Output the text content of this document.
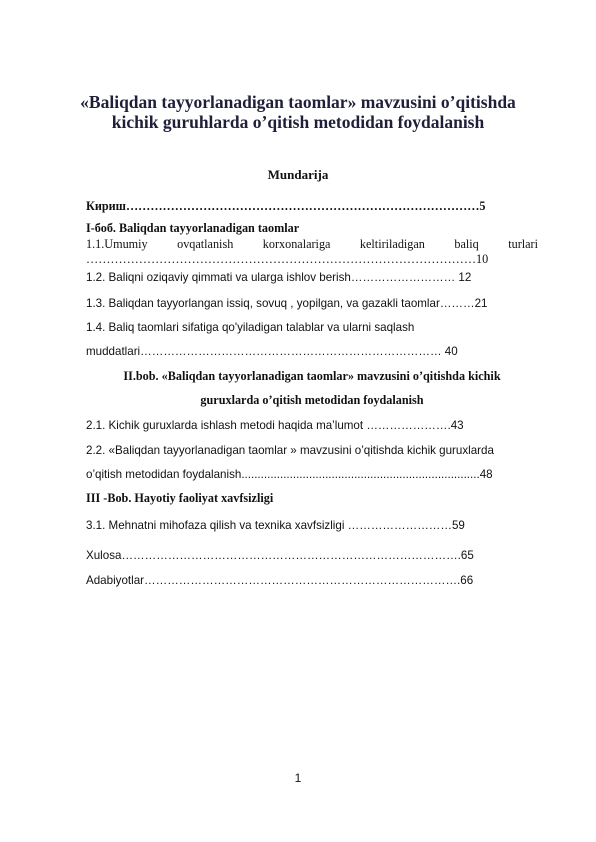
«Baliqdan tayyorlanadigan taomlar» mavzusini o’qitishda
kichik guruhlarda o’qitish metodidan foydalanish
Mundarija
Кириш……………………………………………………………………………5
I-боб. Baliqdan tayyorlanadigan taomlar
1.1.Umumiy ovqatlanish korxonalariga keltiriladigan baliq turlari
……………………………………………………………………………………10
1.2. Baliqni oziqaviy qimmati va ularga ishlov berish……………………… 12
1.3. Baliqdan tayyorlangan issiq, sovuq , yopilgan, va gazakli taomlar………21
1.4. Baliq taomlari sifatiga qo'yiladigan talablar va ularni saqlash
muddatlari…………………………………………………………………… 40
II.bob. «Baliqdan tayyorlanadigan taomlar» mavzusini o’qitishda kichik
guruxlarda o’qitish metodidan foydalanish
2.1. Kichik guruxlarda ishlash metodi haqida ma’lumot ………………….43
2.2. «Baliqdan tayyorlanadigan taomlar » mavzusini o’qitishda kichik guruxlarda
o’qitish metodidan foydalanish..........................................................................48
III -Bob. Hayotiy faoliyat xavfsizligi
3.1. Mehnatni mihofaza qilish va texnika xavfsizligi ………………………59
Xulosa…………………………………………………………………………….65
Adabiyotlar……………………………………………………………………….66
1
